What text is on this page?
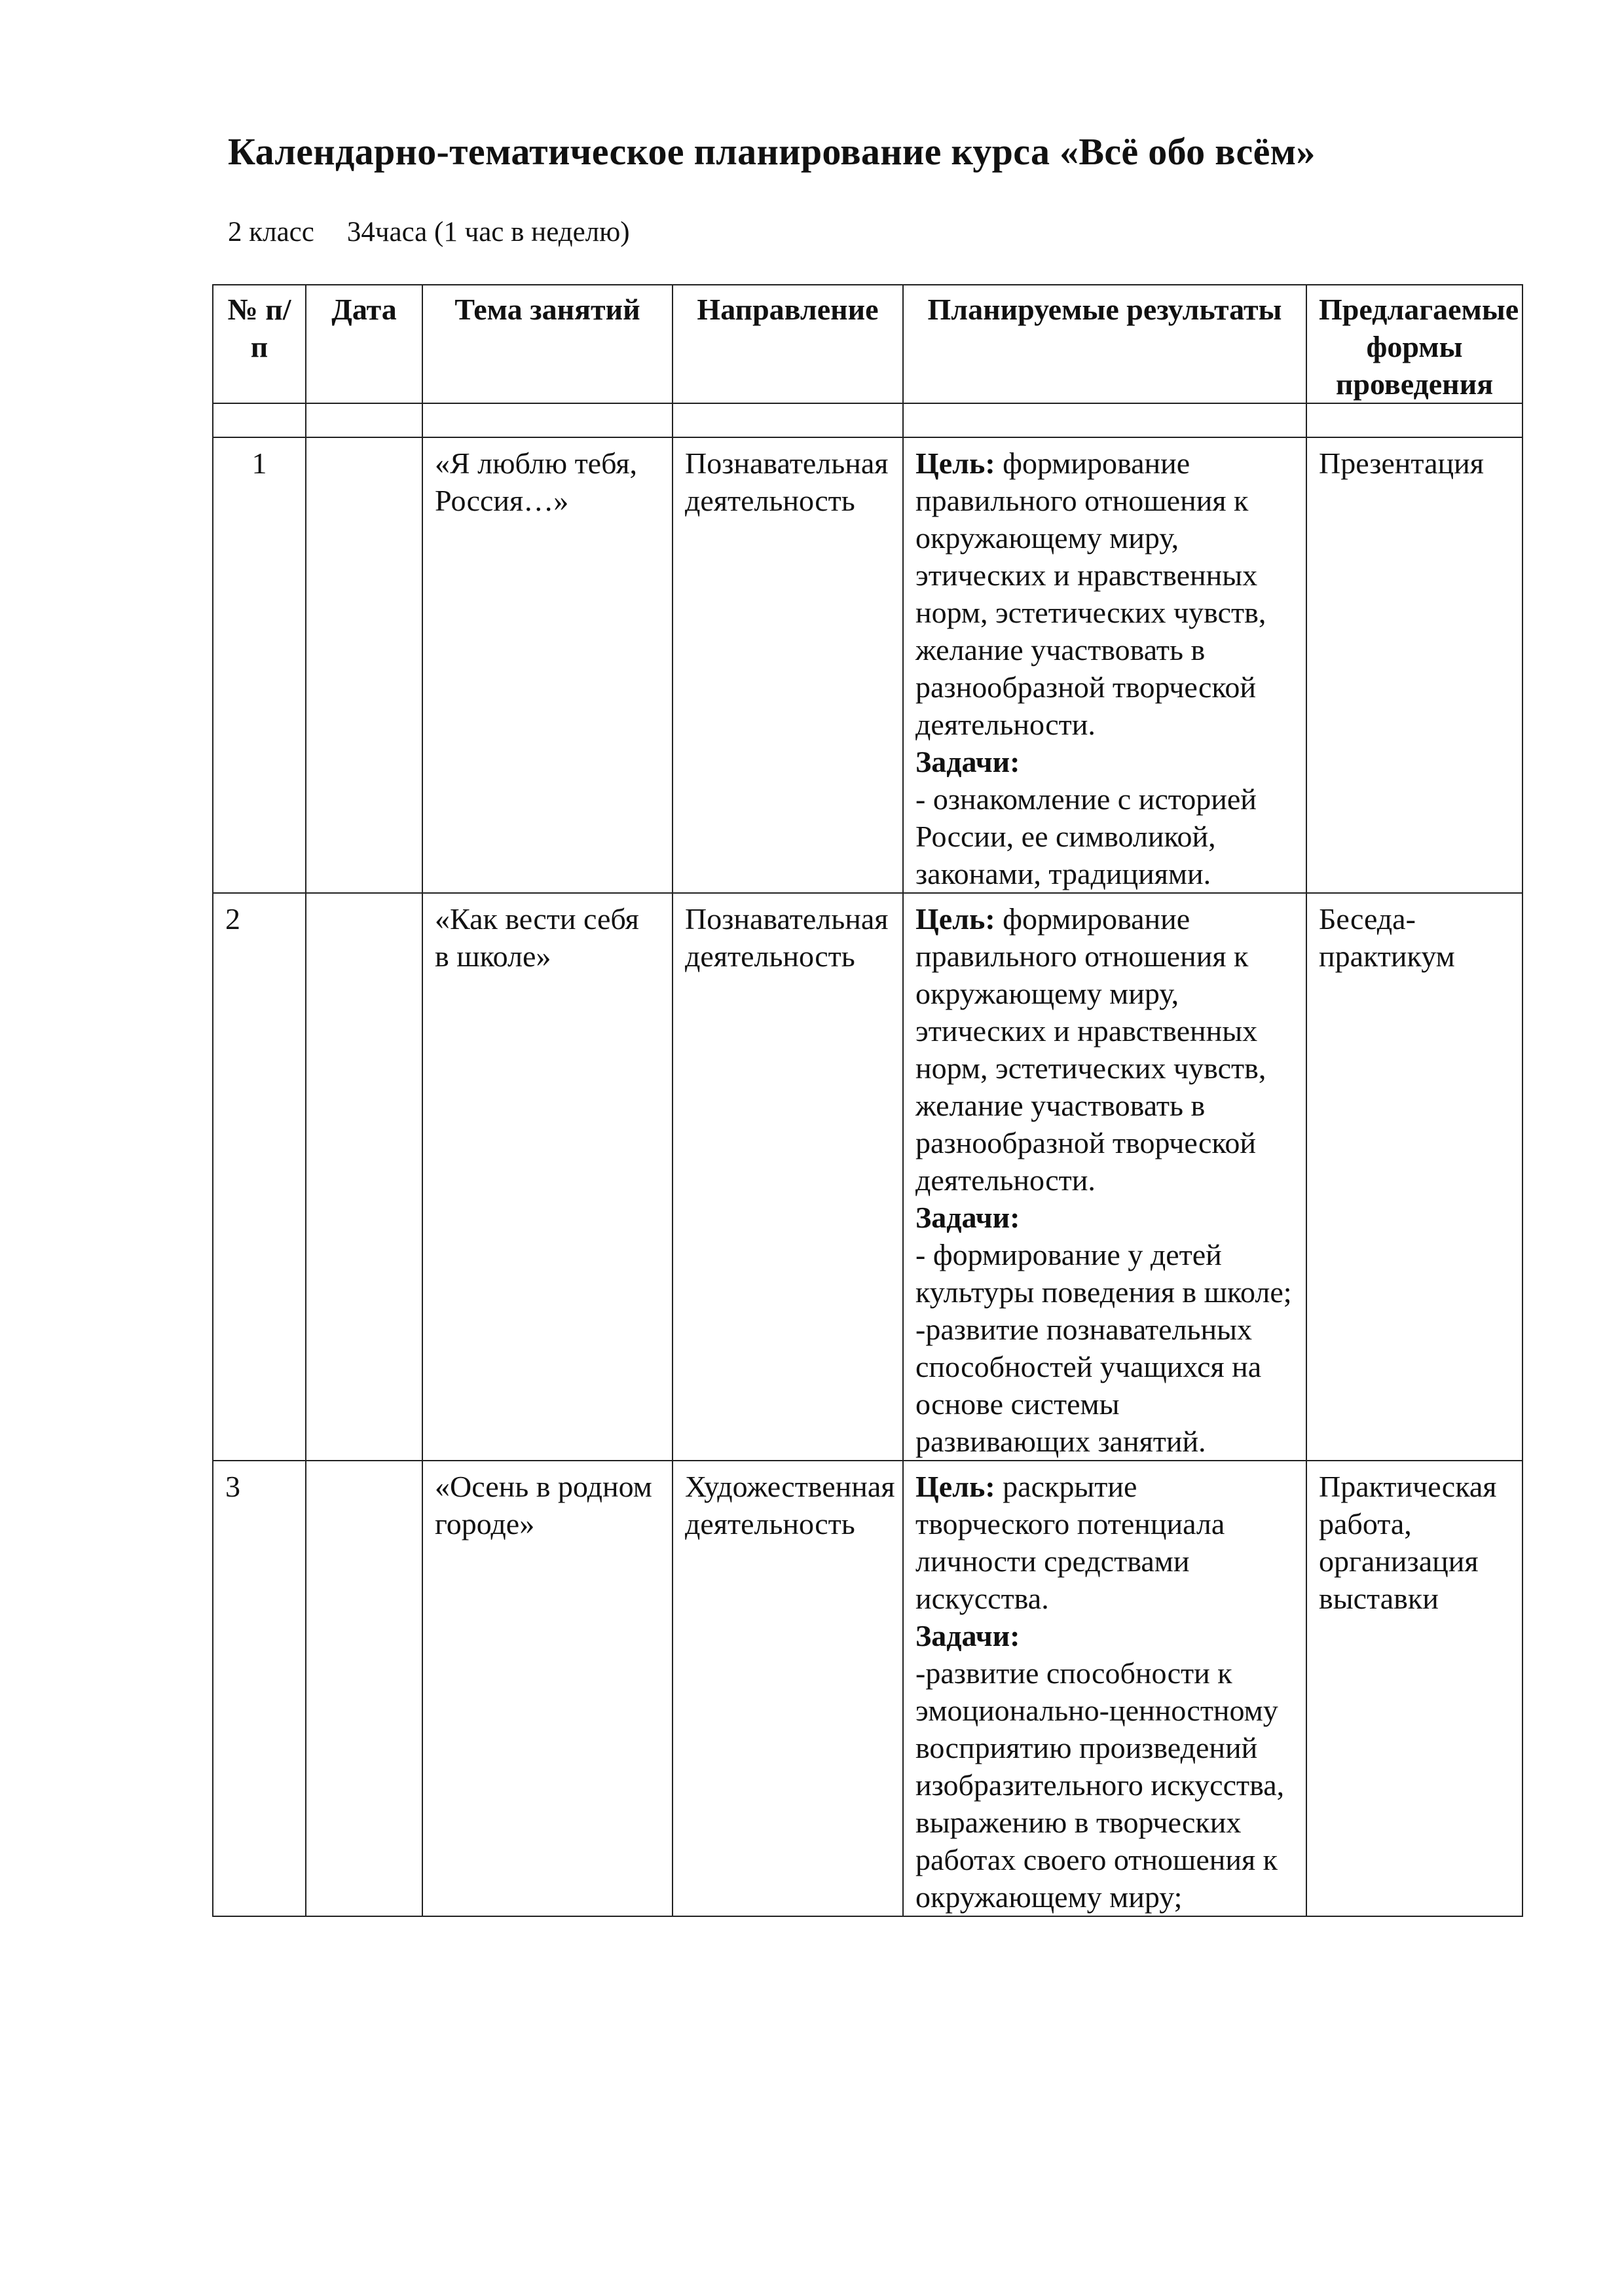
Календарно-тематическое планирование курса «Всё обо всём»
2 класс 34часа (1 час в неделю)
№ п/п	Дата	Тема занятий	Направление	Планируемые результаты	Предлагаемые формы проведения

1		«Я люблю тебя, Россия…»	Познавательная деятельность	Цель: формирование правильного отношения к окружающему миру, этических и нравственных норм, эстетических чувств, желание участвовать в разнообразной творческой деятельности.
Задачи:
- ознакомление с историей России, ее символикой, законами, традициями.	Презентация
2		«Как вести себя в школе»	Познавательная деятельность	Цель: формирование правильного отношения к окружающему миру, этических и нравственных норм, эстетических чувств, желание участвовать в разнообразной творческой деятельности.
Задачи:
- формирование у детей культуры поведения в школе;
-развитие познавательных способностей учащихся на основе системы развивающих занятий.	Беседа-практикум
3		«Осень в родном городе»	Художественная деятельность	Цель: раскрытие творческого потенциала личности средствами искусства.
Задачи:
-развитие способности к эмоционально-ценностному восприятию произведений изобразительного искусства, выражению в творческих работах своего отношения к окружающему миру;	Практическая работа, организация выставки
